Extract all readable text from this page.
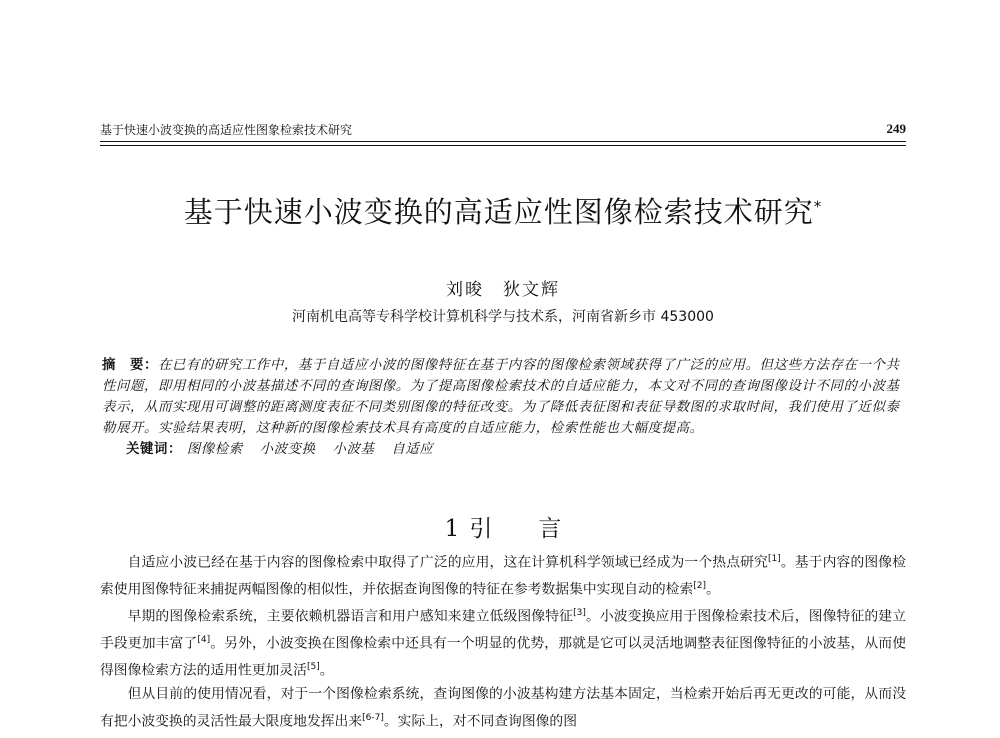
基于快速小波变换的高适应性图象检索技术研究	249
基于快速小波变换的高适应性图像检索技术研究*
刘晙　狄文辉
河南机电高等专科学校计算机科学与技术系，河南省新乡市 453000
摘　要：在已有的研究工作中，基于自适应小波的图像特征在基于内容的图像检索领域获得了广泛的应用。但这些方法存在一个共性问题，即用相同的小波基描述不同的查询图像。为了提高图像检索技术的自适应能力，本文对不同的查询图像设计不同的小波基表示，从而实现用可调整的距离测度表征不同类别图像的特征改变。为了降低表征图和表征导数图的求取时间，我们使用了近似泰勒展开。实验结果表明，这种新的图像检索技术具有高度的自适应能力，检索性能也大幅度提高。
关键词： 图像检索 小波变换 小波基 自适应
1 引　　言

自适应小波已经在基于内容的图像检索中取得了广泛的应用，这在计算机科学领域已经成为一个热点研究[1]。基于内容的图像检索使用图像特征来捕捉两幅图像的相似性，并依据查询图像的特征在参考数据集中实现自动的检索[2]。

早期的图像检索系统，主要依赖机器语言和用户感知来建立低级图像特征[3]。小波变换应用于图像检索技术后，图像特征的建立手段更加丰富了[4]。另外，小波变换在图像检索中还具有一个明显的优势，那就是它可以灵活地调整表征图像特征的小波基，从而使得图像检索方法的适用性更加灵活[5]。

但从目前的使用情况看，对于一个图像检索系统，查询图像的小波基构建方法基本固定，当检索开始后再无更改的可能，从而没有把小波变换的灵活性最大限度地发挥出来[6-7]。实际上，对不同查询图像的图
